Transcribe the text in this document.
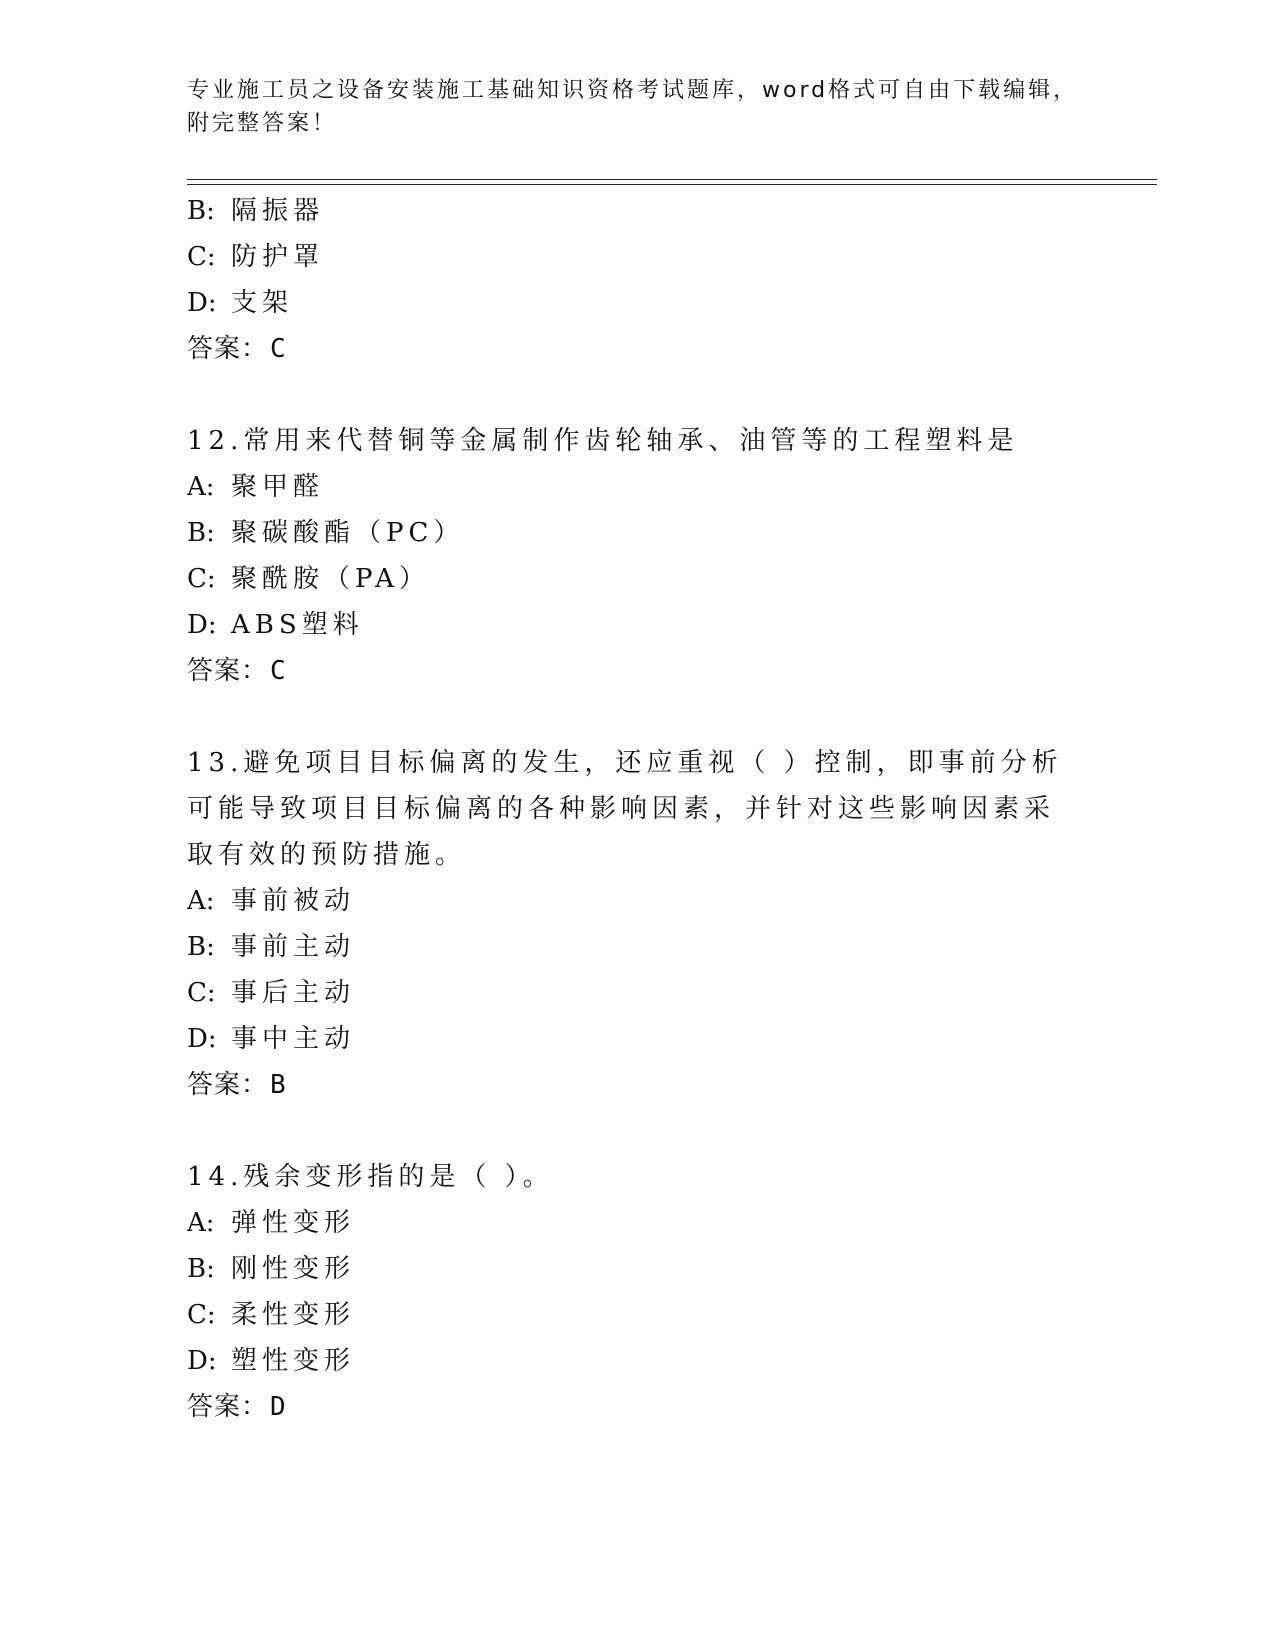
专业施工员之设备安装施工基础知识资格考试题库，word格式可自由下载编辑，
附完整答案！
B: 隔振器
C: 防护罩
D: 支架
答案：C
12.常用来代替铜等金属制作齿轮轴承、油管等的工程塑料是
A: 聚甲醛
B: 聚碳酸酯（PC）
C: 聚酰胺（PA）
D: ABS塑料
答案：C
13.避免项目目标偏离的发生，还应重视（ ）控制，即事前分析可能导致项目目标偏离的各种影响因素，并针对这些影响因素采取有效的预防措施。
A: 事前被动
B: 事前主动
C: 事后主动
D: 事中主动
答案：B
14.残余变形指的是（ ）。
A: 弹性变形
B: 刚性变形
C: 柔性变形
D: 塑性变形
答案：D
